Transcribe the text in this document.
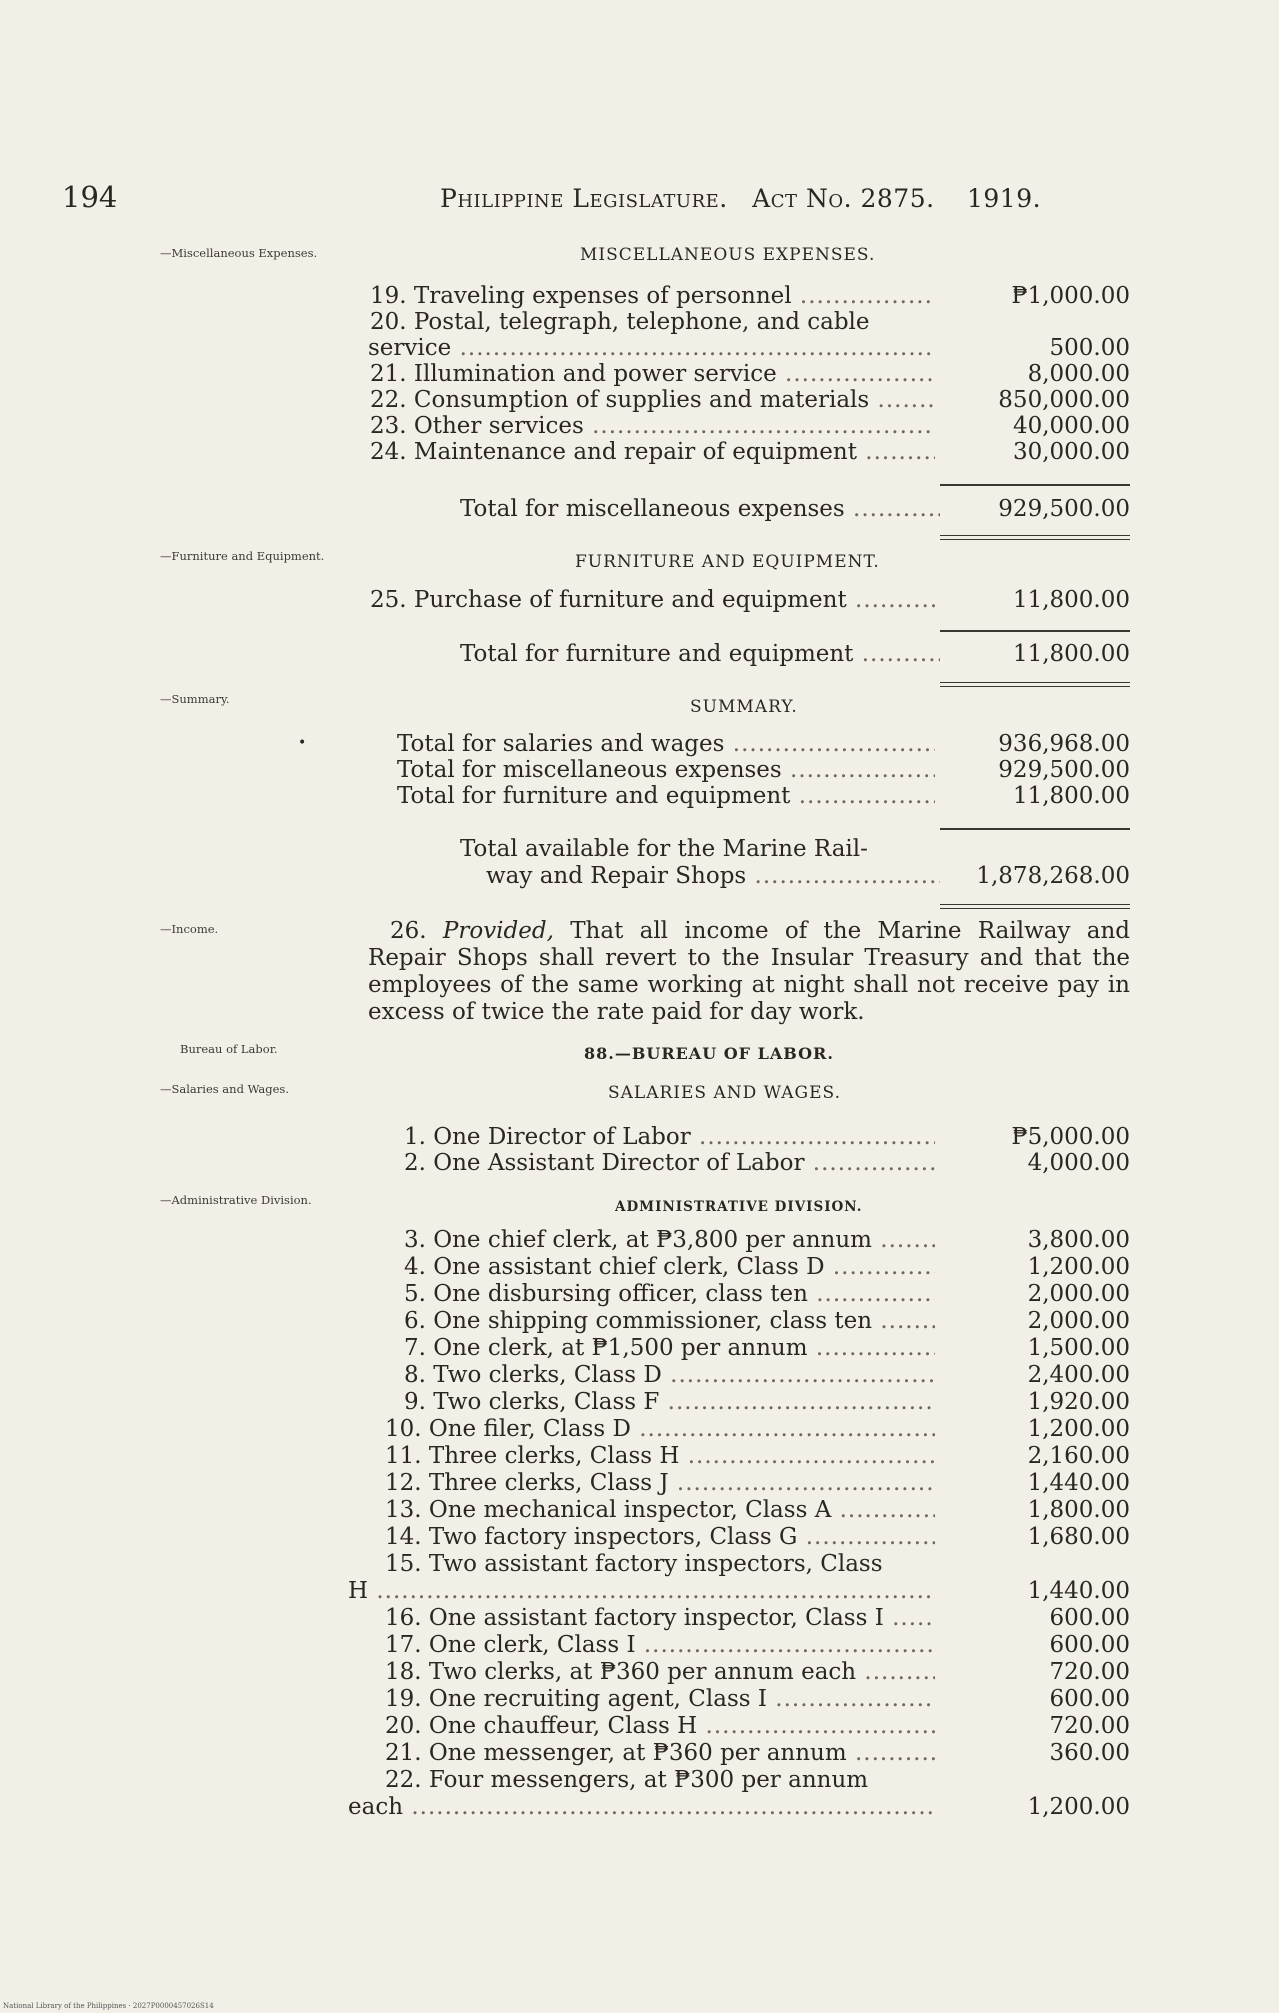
194	Philippine Legislature. Act No. 2875. 1919.
—Miscellaneous Expenses.	MISCELLANEOUS EXPENSES.
19. Traveling expenses of personnel .....	₱1,000.00
20. Postal, telegraph, telephone, and cable
service .....	500.00
21. Illumination and power service .....	8,000.00
22. Consumption of supplies and materials .....	850,000.00
23. Other services .....	40,000.00
24. Maintenance and repair of equipment .....	30,000.00
Total for miscellaneous expenses .....	929,500.00
—Furniture and Equipment.	FURNITURE AND EQUIPMENT.
25. Purchase of furniture and equipment .....	11,800.00
Total for furniture and equipment .....	11,800.00
—Summary.	SUMMARY.
•	Total for salaries and wages .....	936,968.00
Total for miscellaneous expenses .....	929,500.00
Total for furniture and equipment .....	11,800.00
Total available for the Marine Rail-
way and Repair Shops .....	1,878,268.00
—Income.	26. Provided, That all income of the Marine Railway and Repair Shops shall revert to the Insular Treasury and that the employees of the same working at night shall not receive pay in excess of twice the rate paid for day work.
Bureau of Labor.	88.—BUREAU OF LABOR.
—Salaries and Wages.	SALARIES AND WAGES.
1. One Director of Labor .....	₱5,000.00
2. One Assistant Director of Labor .....	4,000.00
—Administrative Division.	ADMINISTRATIVE DIVISION.
3. One chief clerk, at ₱3,800 per annum .....	3,800.00
4. One assistant chief clerk, Class D .....	1,200.00
5. One disbursing officer, class ten .....	2,000.00
6. One shipping commissioner, class ten .....	2,000.00
7. One clerk, at ₱1,500 per annum .....	1,500.00
8. Two clerks, Class D .....	2,400.00
9. Two clerks, Class F .....	1,920.00
10. One filer, Class D .....	1,200.00
11. Three clerks, Class H .....	2,160.00
12. Three clerks, Class J .....	1,440.00
13. One mechanical inspector, Class A .....	1,800.00
14. Two factory inspectors, Class G .....	1,680.00
15. Two assistant factory inspectors, Class
H .....	1,440.00
16. One assistant factory inspector, Class I .....	600.00
17. One clerk, Class I .....	600.00
18. Two clerks, at ₱360 per annum each .....	720.00
19. One recruiting agent, Class I .....	600.00
20. One chauffeur, Class H .....	720.00
21. One messenger, at ₱360 per annum .....	360.00
22. Four messengers, at ₱300 per annum
each .....	1,200.00
National Library of the Philippines · 2027P0000457026S14
